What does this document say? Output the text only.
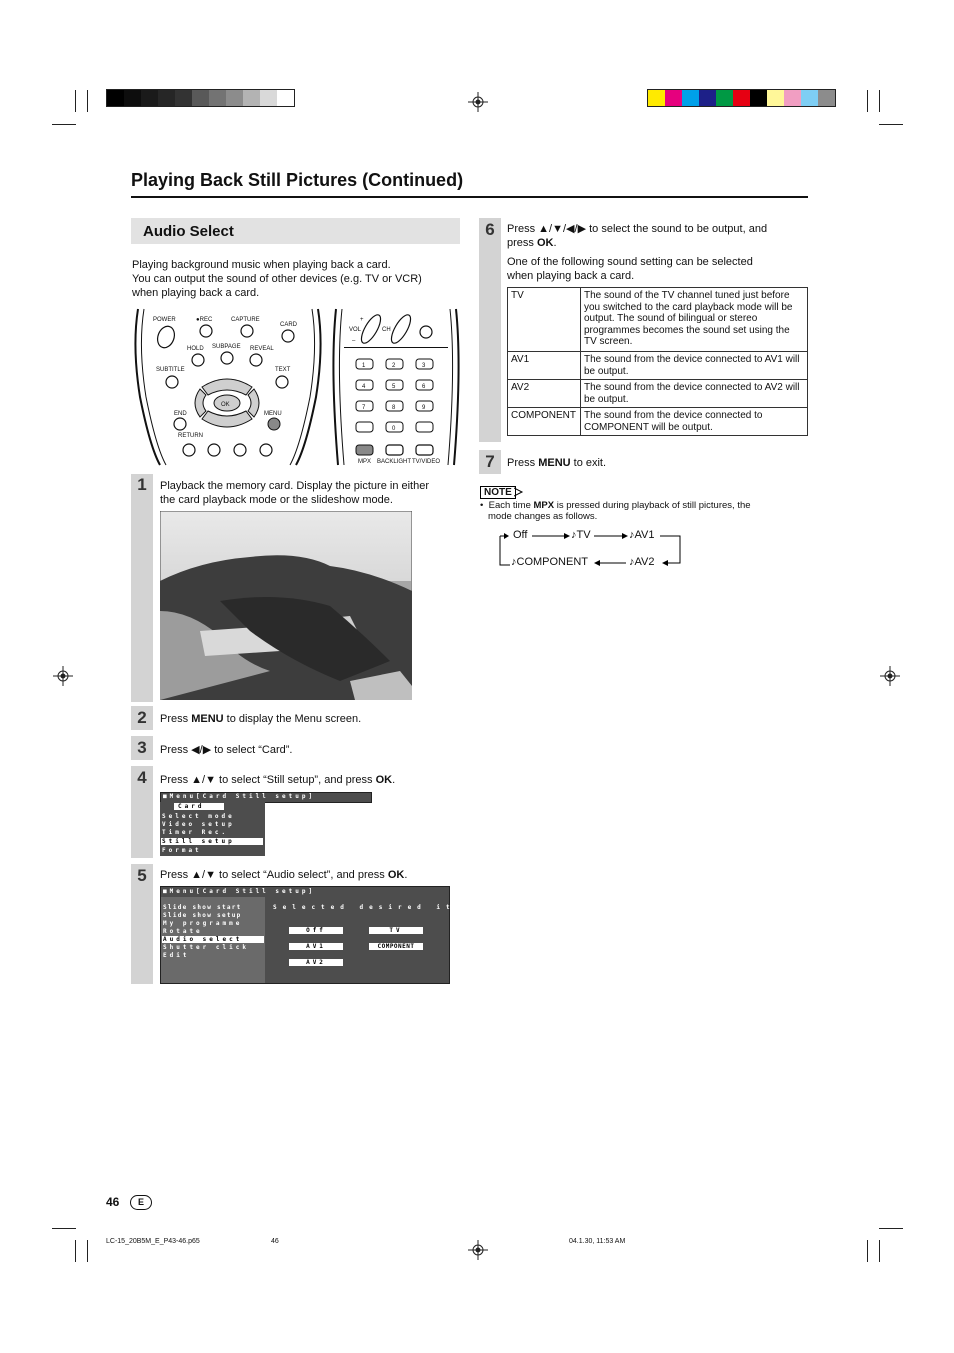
Playing Back Still Pictures (Continued)
Audio Select
Playing background music when playing back a card.
You can output the sound of other devices (e.g. TV or VCR)
when playing back a card.
POWER	●REC	CAPTURE
CARD
HOLD SUBPAGE REVEAL
SUBTITLE	TEXT
OK
END	MENU
RETURN
+
VOL
–
CH
1	2	3
4	5	6
7	8	9
0
MPX BACKLIGHT TV/VIDEO
1	Playback the memory card. Display the picture in either
the card playback mode or the slideshow mode.
2	Press MENU to display the Menu screen.
3	Press ◀/▶ to select “Card”.
4	Press ▲/▼ to select “Still setup”, and press OK.
■Menu[Card Still setup]
Card
Select mode
Video setup
Timer Rec.
Still setup
Format
5	Press ▲/▼ to select “Audio select”, and press OK.
■Menu[Card Still setup]
Slide show start
Slide show setup
My programme
Rotate
Audio select
Shutter click
Edit
Selected desired item
Off	TV
AV1	COMPONENT
AV2
6	Press ▲/▼/◀/▶ to select the sound to be output, and
press OK.
One of the following sound setting can be selected
when playing back a card.
TV	The sound of the TV channel tuned just before you switched to the card playback mode will be output. The sound of bilingual or stereo programmes becomes the sound set using the TV screen.
AV1	The sound from the device connected to AV1 will be output.
AV2	The sound from the device connected to AV2 will be output.
COMPONENT	The sound from the device connected to COMPONENT will be output.
7	Press MENU to exit.
NOTE
• Each time MPX is pressed during playback of still pictures, the
mode changes as follows.
Off	♪TV	♪AV1
♪COMPONENT	♪AV2
46	E
LC-15_20B5M_E_P43-46.p65	46	04.1.30, 11:53 AM
